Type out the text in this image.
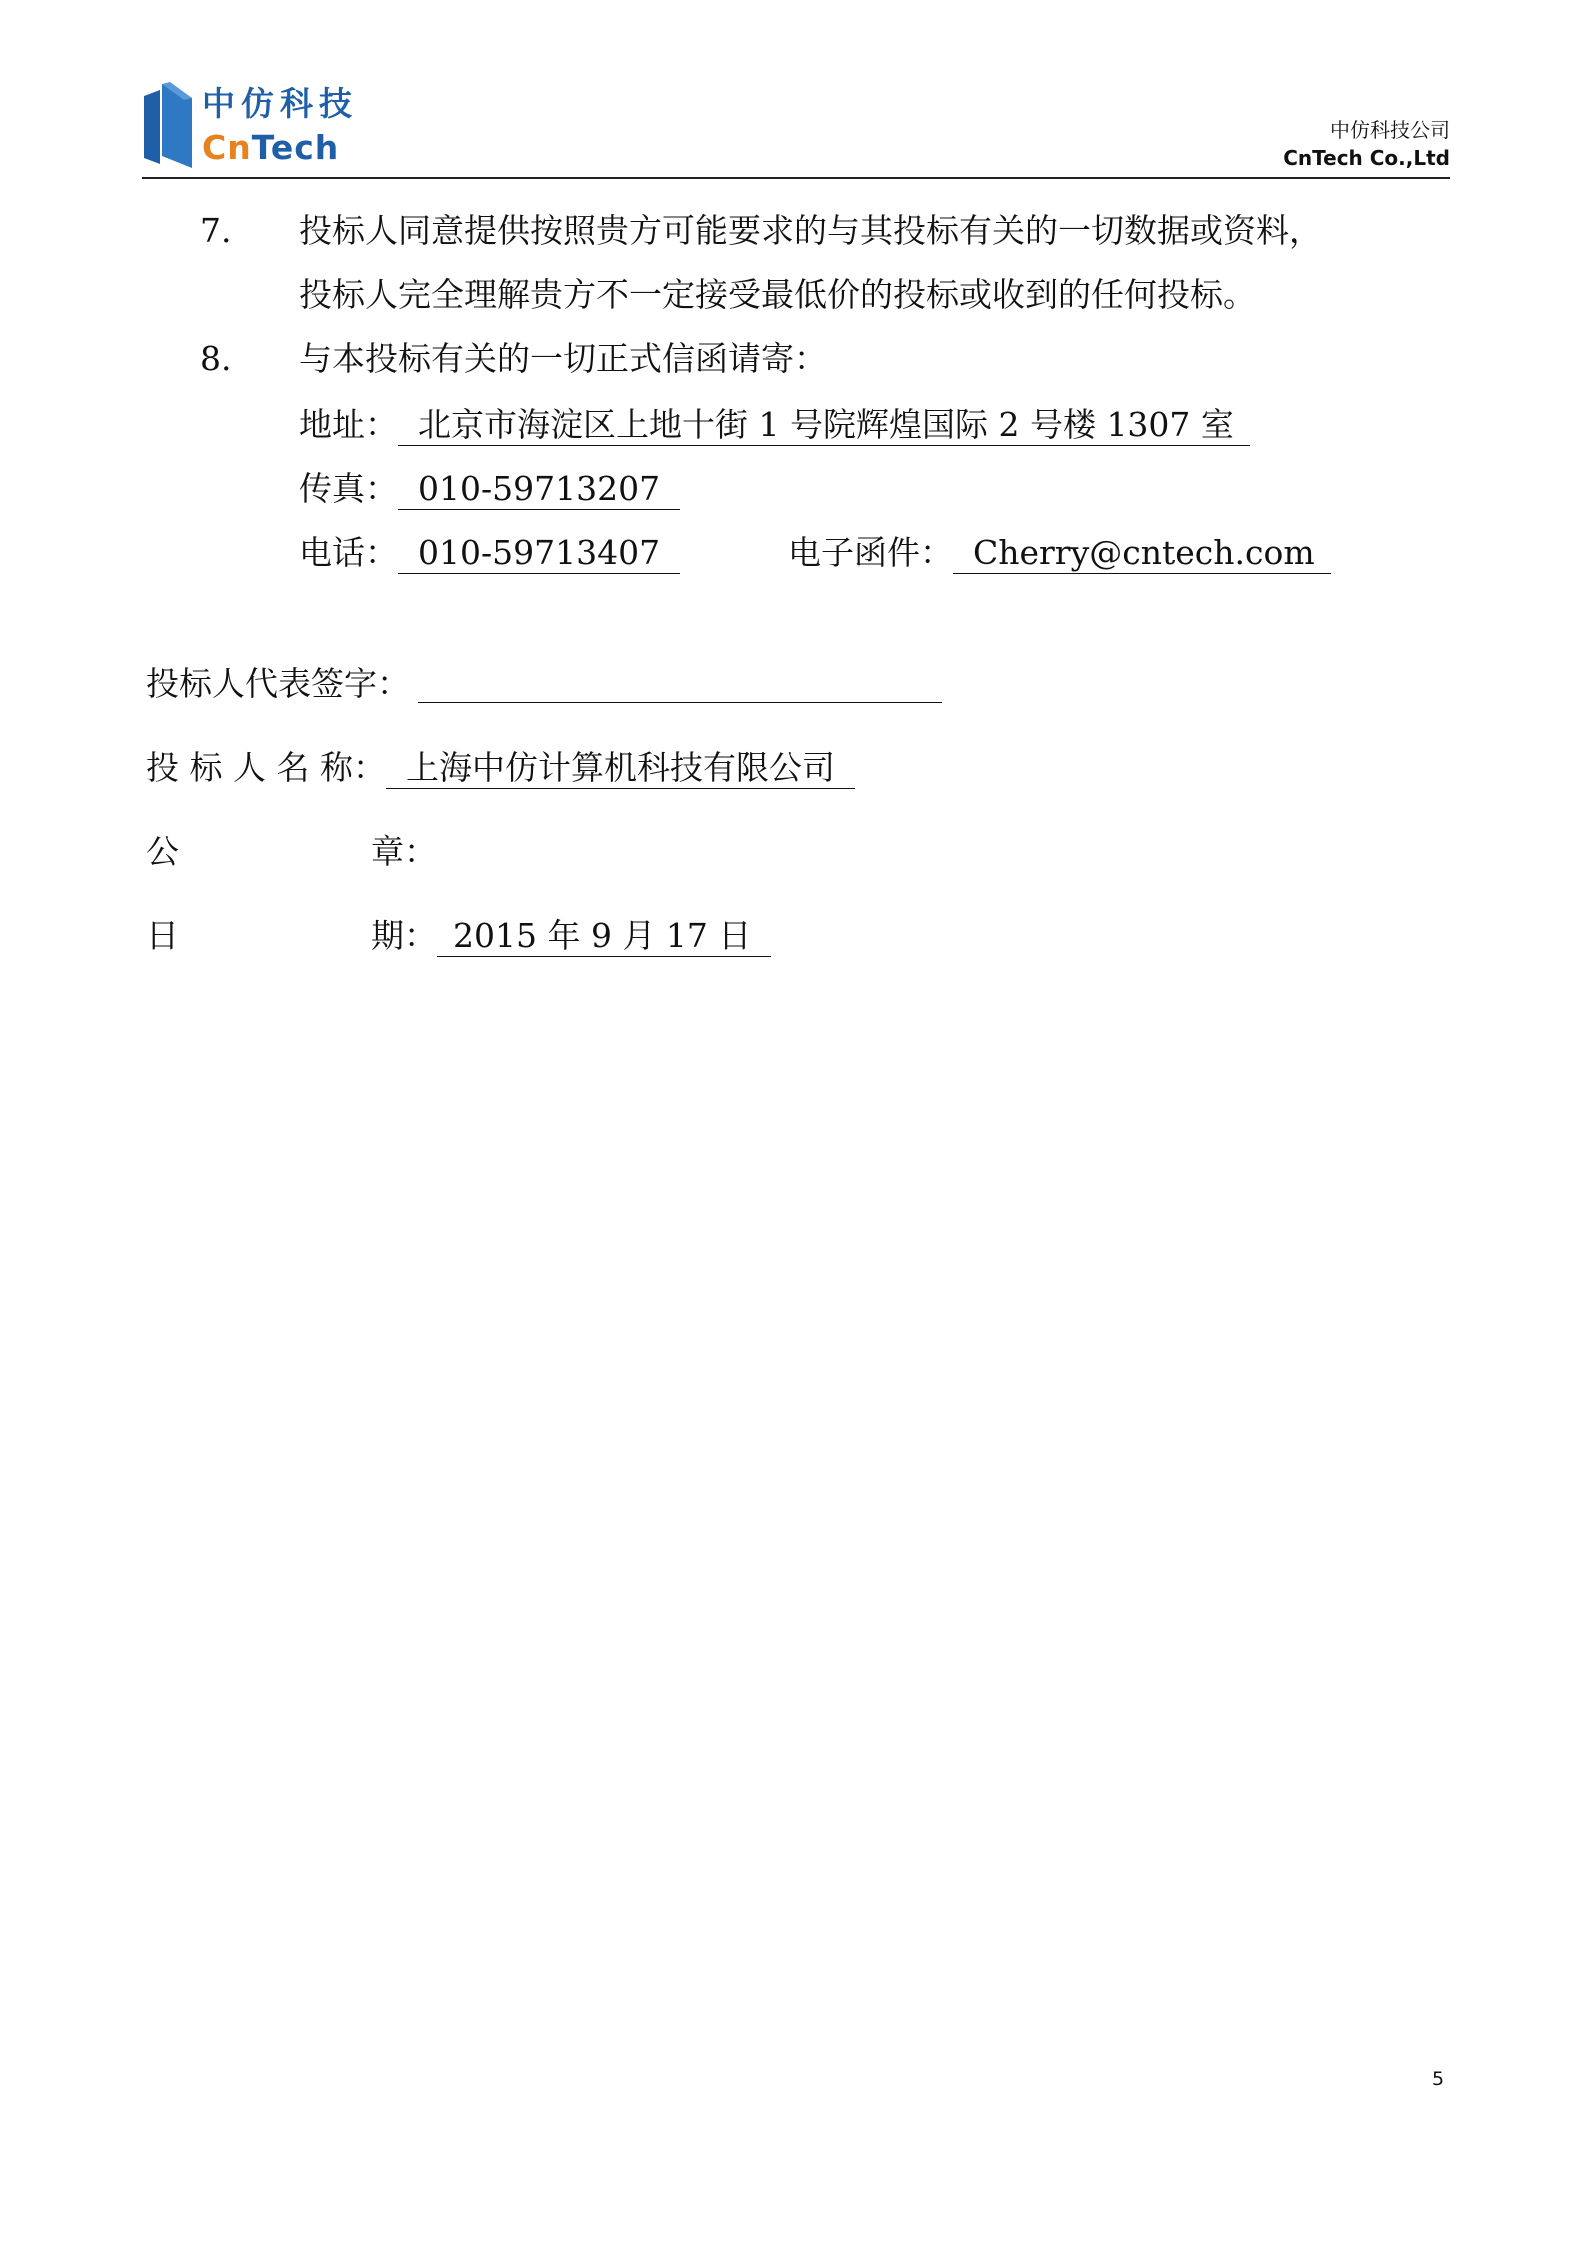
中仿科技
CnTech	中仿科技公司
CnTech Co.,Ltd
7. 投标人同意提供按照贵方可能要求的与其投标有关的一切数据或资料，
投标人完全理解贵方不一定接受最低价的投标或收到的任何投标。
8. 与本投标有关的一切正式信函请寄：
地址： 北京市海淀区上地十街 1 号院辉煌国际 2 号楼 1307 室
传真： 010-59713207
电话： 010-59713407	电子函件： Cherry@cntech.com
投标人代表签字：
投 标 人 名 称： 上海中仿计算机科技有限公司
公	章：
日	期： 2015 年 9 月 17 日
5
